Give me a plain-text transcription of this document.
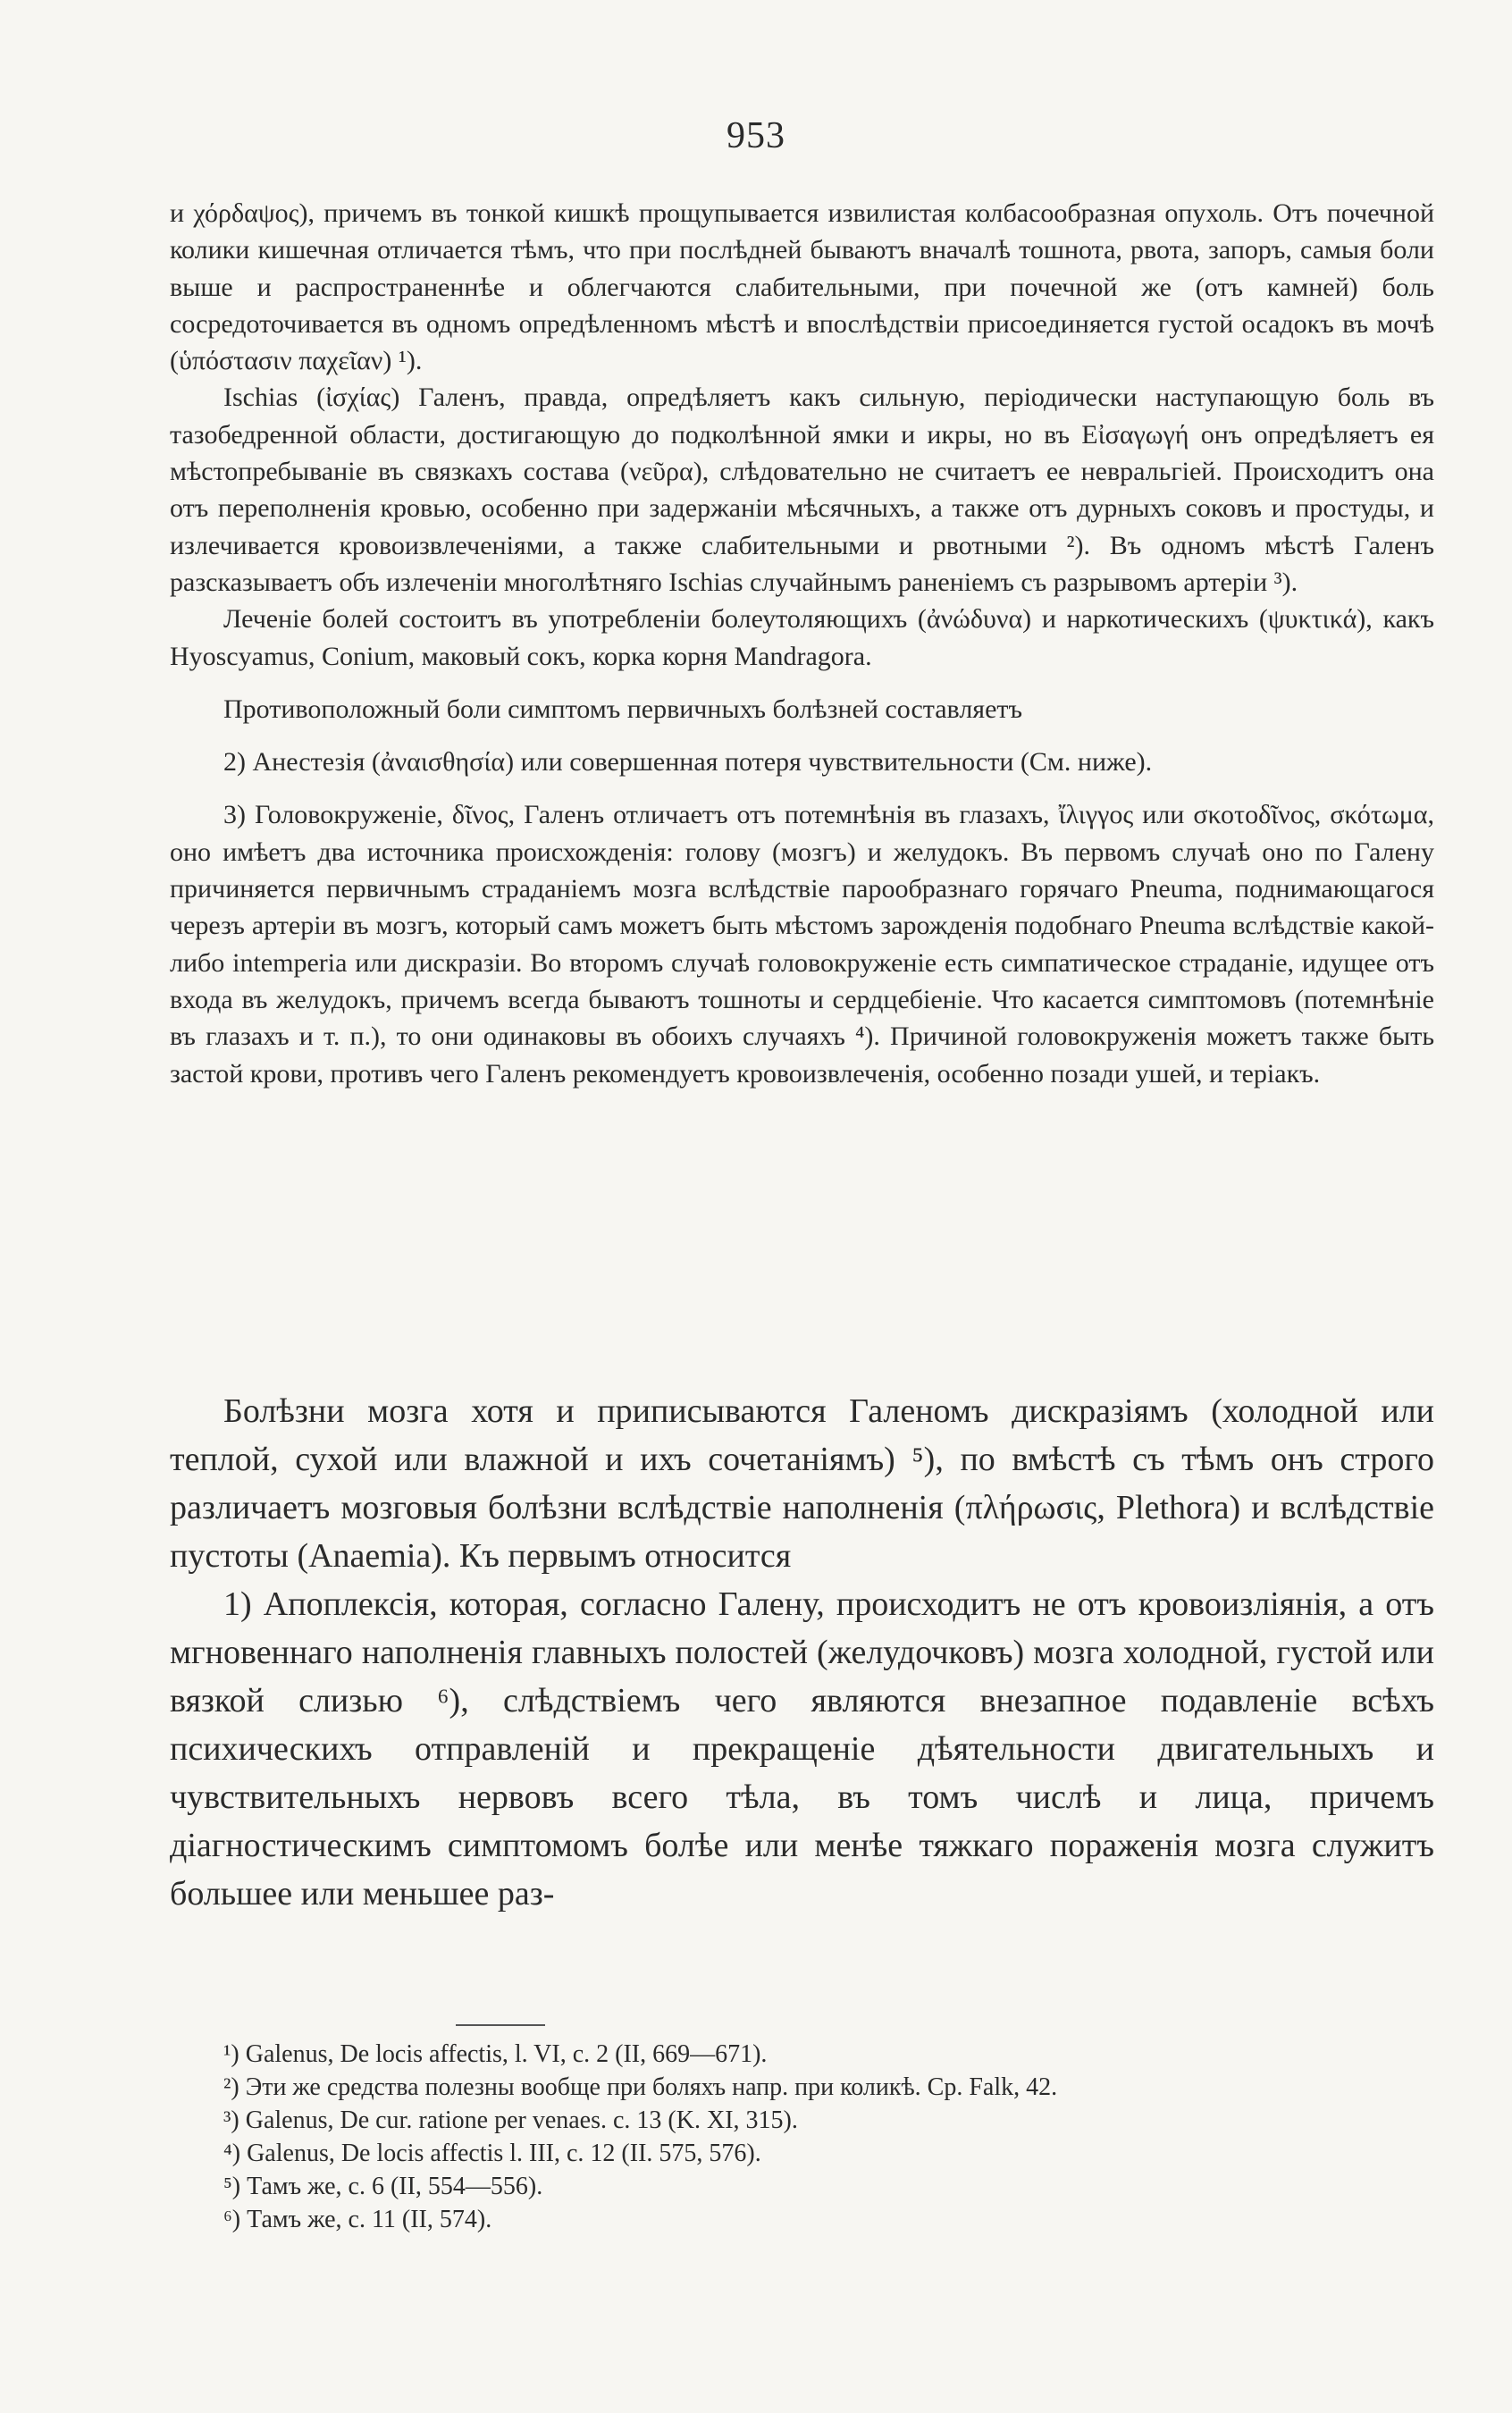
953

и χόρδαψος), причемъ въ тонкой кишкѣ прощупывается извилистая колбасообразная опухоль. Отъ почечной колики кишечная отличается тѣмъ, что при послѣдней бываютъ вначалѣ тошнота, рвота, запоръ, самыя боли выше и распространеннѣе и облегчаются слабительными, при почечной же (отъ камней) боль сосредоточивается въ одномъ опредѣленномъ мѣстѣ и впослѣдствіи присоединяется густой осадокъ въ мочѣ (ὑπόστασιν παχεῖαν) ¹).

Ischias (ἰσχίας) Галенъ, правда, опредѣляетъ какъ сильную, періодически наступающую боль въ тазобедренной области, достигающую до подколѣнной ямки и икры, но въ Εἰσαγωγή онъ опредѣляетъ ея мѣстопребываніе въ связкахъ состава (νεῦρα), слѣдовательно не считаетъ ее невральгіей. Происходитъ она отъ переполненія кровью, особенно при задержаніи мѣсячныхъ, а также отъ дурныхъ соковъ и простуды, и излечивается кровоизвлеченіями, а также слабительными и рвотными ²). Въ одномъ мѣстѣ Галенъ разсказываетъ объ излеченіи многолѣтняго Ischias случайнымъ раненіемъ съ разрывомъ артеріи ³).

Леченіе болей состоитъ въ употребленіи болеутоляющихъ (ἀνώδυνα) и наркотическихъ (ψυκτικά), какъ Hyoscyamus, Conium, маковый сокъ, корка корня Mandragora.

Противоположный боли симптомъ первичныхъ болѣзней составляетъ

2) Анестезія (ἀναισθησία) или совершенная потеря чувствительности (См. ниже).

3) Головокруженіе, δῖνος, Галенъ отличаетъ отъ потемнѣнія въ глазахъ, ἴλιγγος или σκοτοδῖνος, σκότωμα, оно имѣетъ два источника происхожденія: голову (мозгъ) и желудокъ. Въ первомъ случаѣ оно по Галену причиняется первичнымъ страданіемъ мозга вслѣдствіе парообразнаго горячаго Pneuma, поднимающагося черезъ артеріи въ мозгъ, который самъ можетъ быть мѣстомъ зарожденія подобнаго Pneuma вслѣдствіе какой-либо intemperia или дискразіи. Во второмъ случаѣ головокруженіе есть симпатическое страданіе, идущее отъ входа въ желудокъ, причемъ всегда бываютъ тошноты и сердцебіеніе. Что касается симптомовъ (потемнѣніе въ глазахъ и т. п.), то они одинаковы въ обоихъ случаяхъ ⁴). Причиной головокруженія можетъ также быть застой крови, противъ чего Галенъ рекомендуетъ кровоизвлеченія, особенно позади ушей, и теріакъ.

Болѣзни мозга хотя и приписываются Галеномъ дискразіямъ (холодной или теплой, сухой или влажной и ихъ сочетаніямъ) ⁵), по вмѣстѣ съ тѣмъ онъ строго различаетъ мозговыя болѣзни вслѣдствіе наполненія (πλήρωσις, Plethora) и вслѣдствіе пустоты (Anaemia). Къ первымъ относится

1) Апоплексія, которая, согласно Галену, происходитъ не отъ кровоизліянія, а отъ мгновеннаго наполненія главныхъ полостей (желудочковъ) мозга холодной, густой или вязкой слизью ⁶), слѣдствіемъ чего являются внезапное подавленіе всѣхъ психическихъ отправленій и прекращеніе дѣятельности двигательныхъ и чувствительныхъ нервовъ всего тѣла, въ томъ числѣ и лица, причемъ діагностическимъ симптомомъ болѣе или менѣе тяжкаго пораженія мозга служитъ большее или меньшее раз-

¹) Galenus, De locis affectis, l. VI, c. 2 (II, 669—671).
²) Эти же средства полезны вообще при боляхъ напр. при коликѣ. Ср. Falk, 42.
³) Galenus, De cur. ratione per venaes. c. 13 (K. XI, 315).
⁴) Galenus, De locis affectis l. III, c. 12 (II. 575, 576).
⁵) Тамъ же, с. 6 (II, 554—556).
⁶) Тамъ же, с. 11 (II, 574).
